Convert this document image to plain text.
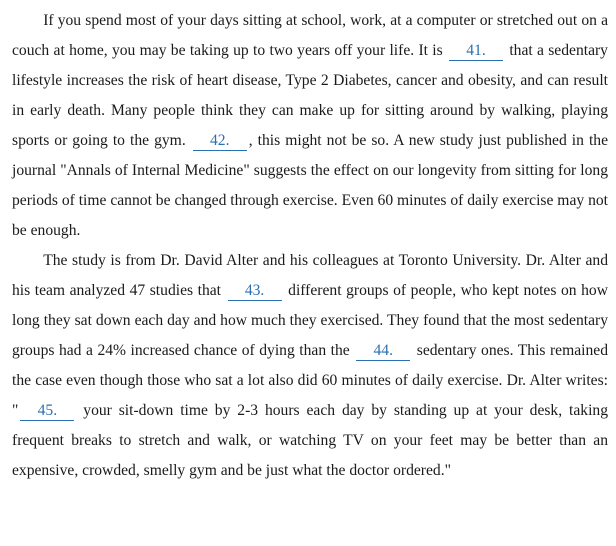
If you spend most of your days sitting at school, work, at a computer or stretched out on a couch at home, you may be taking up to two years off your life. It is 41. that a sedentary lifestyle increases the risk of heart disease, Type 2 Diabetes, cancer and obesity, and can result in early death. Many people think they can make up for sitting around by walking, playing sports or going to the gym. 42. , this might not be so. A new study just published in the journal "Annals of Internal Medicine" suggests the effect on our longevity from sitting for long periods of time cannot be changed through exercise. Even 60 minutes of daily exercise may not be enough.

The study is from Dr. David Alter and his colleagues at Toronto University. Dr. Alter and his team analyzed 47 studies that 43. different groups of people, who kept notes on how long they sat down each day and how much they exercised. They found that the most sedentary groups had a 24% increased chance of dying than the 44. sedentary ones. This remained the case even though those who sat a lot also did 60 minutes of daily exercise. Dr. Alter writes: " 45. your sit-down time by 2-3 hours each day by standing up at your desk, taking frequent breaks to stretch and walk, or watching TV on your feet may be better than an expensive, crowded, smelly gym and be just what the doctor ordered."
